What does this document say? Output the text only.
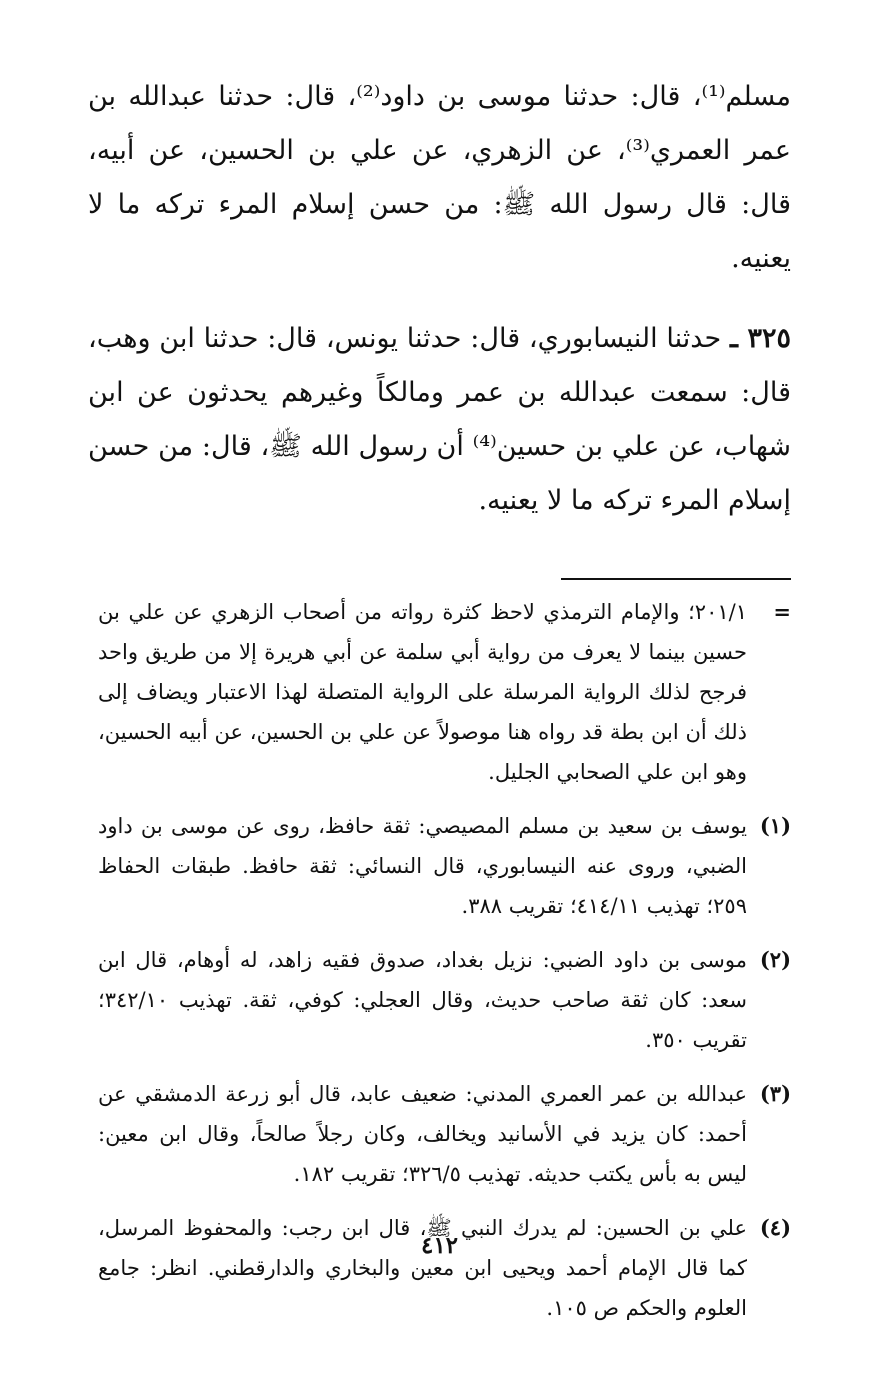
مسلم⁽¹⁾، قال: حدثنا موسى بن داود⁽²⁾، قال: حدثنا عبدالله بن عمر العمري⁽³⁾، عن الزهري، عن علي بن الحسين، عن أبيه، قال: قال رسول الله ﷺ: من حسن إسلام المرء تركه ما لا يعنيه.

٣٢٥ ـ حدثنا النيسابوري، قال: حدثنا يونس، قال: حدثنا ابن وهب، قال: سمعت عبدالله بن عمر ومالكاً وغيرهم يحدثون عن ابن شهاب، عن علي بن حسين⁽⁴⁾ أن رسول الله ﷺ، قال: من حسن إسلام المرء تركه ما لا يعنيه.

=
٢٠١/١؛ والإمام الترمذي لاحظ كثرة رواته من أصحاب الزهري عن علي بن حسين بينما لا يعرف من رواية أبي سلمة عن أبي هريرة إلا من طريق واحد فرجح لذلك الرواية المرسلة على الرواية المتصلة لهذا الاعتبار ويضاف إلى ذلك أن ابن بطة قد رواه هنا موصولاً عن علي بن الحسين، عن أبيه الحسين، وهو ابن علي الصحابي الجليل.
(١)
يوسف بن سعيد بن مسلم المصيصي: ثقة حافظ، روى عن موسى بن داود الضبي، وروى عنه النيسابوري، قال النسائي: ثقة حافظ. طبقات الحفاظ ٢٥٩؛ تهذيب ٤١٤/١١؛ تقريب ٣٨٨.
(٢)
موسى بن داود الضبي: نزيل بغداد، صدوق فقيه زاهد، له أوهام، قال ابن سعد: كان ثقة صاحب حديث، وقال العجلي: كوفي، ثقة. تهذيب ٣٤٢/١٠؛ تقريب ٣٥٠.
(٣)
عبدالله بن عمر العمري المدني: ضعيف عابد، قال أبو زرعة الدمشقي عن أحمد: كان يزيد في الأسانيد ويخالف، وكان رجلاً صالحاً، وقال ابن معين: ليس به بأس يكتب حديثه. تهذيب ٣٢٦/٥؛ تقريب ١٨٢.
(٤)
علي بن الحسين: لم يدرك النبي ﷺ، قال ابن رجب: والمحفوظ المرسل، كما قال الإمام أحمد ويحيى ابن معين والبخاري والدارقطني. انظر: جامع العلوم والحكم ص ١٠٥.
٤١٢
